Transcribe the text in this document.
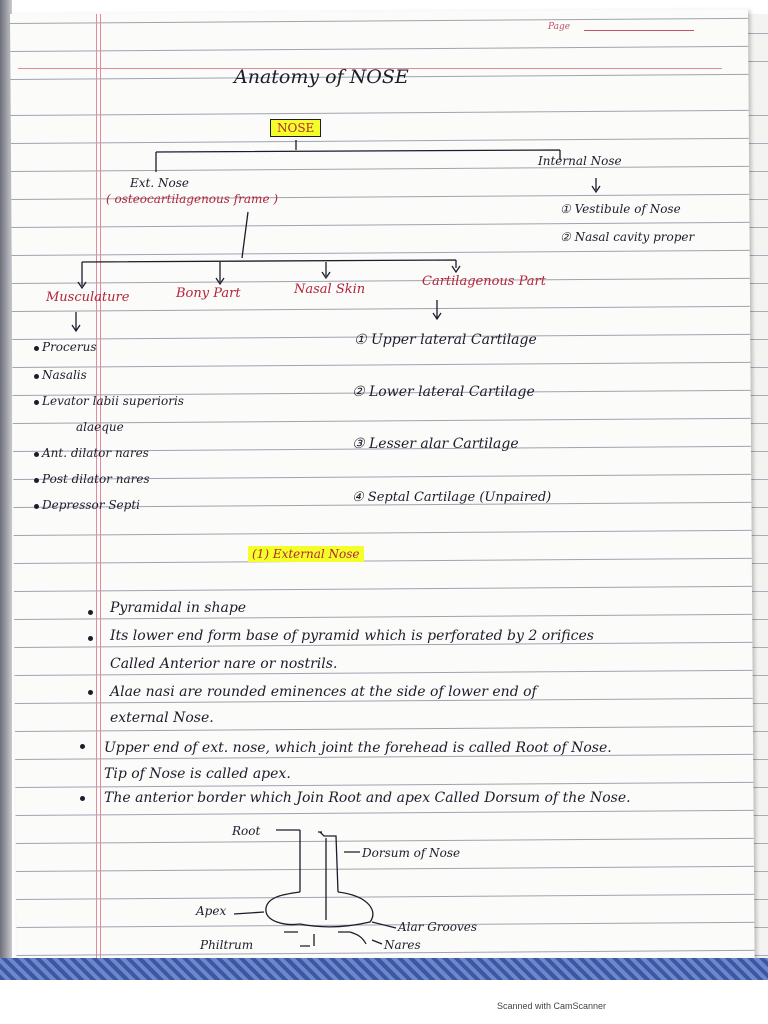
Page
Anatomy of NOSE
NOSE
Ext. Nose
( osteocartilagenous frame )
Internal Nose
① Vestibule of Nose
② Nasal cavity proper
Musculature	Bony Part	Nasal Skin
Cartilagenous Part
Procerus
Nasalis
Levator labii superioris
alaeque
Ant. dilator nares
Post dilator nares
Depressor Septi
① Upper lateral Cartilage
② Lower lateral Cartilage
③ Lesser alar Cartilage
④ Septal Cartilage (Unpaired)
(1) External Nose
Pyramidal in shape
Its lower end form base of pyramid which is perforated by 2 orifices
Called Anterior nare or nostrils.
Alae nasi are rounded eminences at the side of lower end of
external Nose.
Upper end of ext. nose, which joint the forehead is called Root of Nose.
Tip of Nose is called apex.
The anterior border which Join Root and apex Called Dorsum of the Nose.
Root
Dorsum of Nose
Apex
Alar Grooves
Philtrum	Nares
Scanned with CamScanner
